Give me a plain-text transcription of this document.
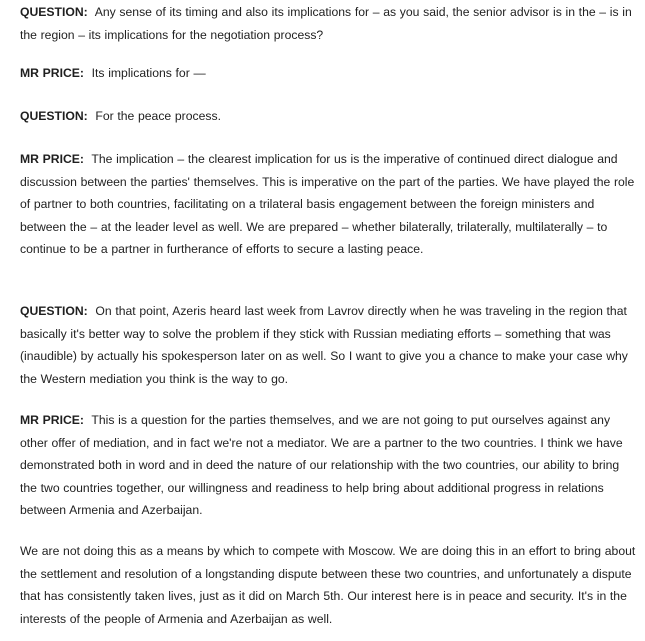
QUESTION: Any sense of its timing and also its implications for – as you said, the senior advisor is in the – is in the region – its implications for the negotiation process?

MR PRICE: Its implications for —

QUESTION: For the peace process.

MR PRICE: The implication – the clearest implication for us is the imperative of continued direct dialogue and discussion between the parties' themselves. This is imperative on the part of the parties. We have played the role of partner to both countries, facilitating on a trilateral basis engagement between the foreign ministers and between the – at the leader level as well. We are prepared – whether bilaterally, trilaterally, multilaterally – to continue to be a partner in furtherance of efforts to secure a lasting peace.

QUESTION: On that point, Azeris heard last week from Lavrov directly when he was traveling in the region that basically it's better way to solve the problem if they stick with Russian mediating efforts – something that was (inaudible) by actually his spokesperson later on as well. So I want to give you a chance to make your case why the Western mediation you think is the way to go.

MR PRICE: This is a question for the parties themselves, and we are not going to put ourselves against any other offer of mediation, and in fact we're not a mediator. We are a partner to the two countries. I think we have demonstrated both in word and in deed the nature of our relationship with the two countries, our ability to bring the two countries together, our willingness and readiness to help bring about additional progress in relations between Armenia and Azerbaijan.

We are not doing this as a means by which to compete with Moscow. We are doing this in an effort to bring about the settlement and resolution of a longstanding dispute between these two countries, and unfortunately a dispute that has consistently taken lives, just as it did on March 5th. Our interest here is in peace and security. It's in the interests of the people of Armenia and Azerbaijan as well.
